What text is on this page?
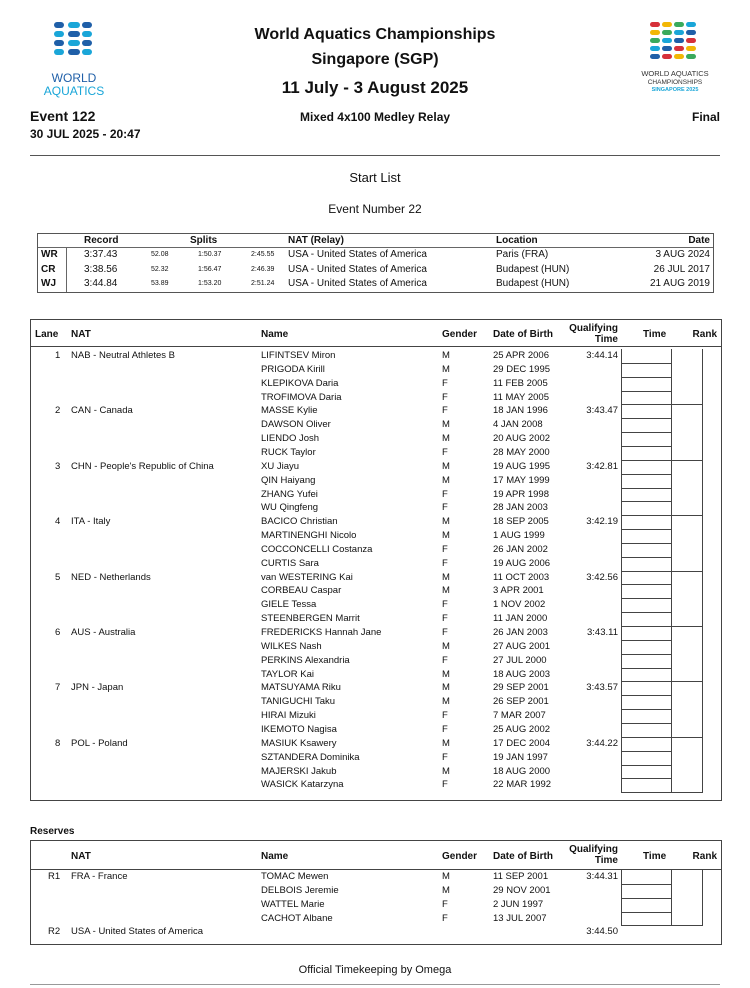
WORLD
AQUATICS
World Aquatics Championships
Singapore (SGP)
11 July - 3 August 2025
WORLD AQUATICS
CHAMPIONSHIPS
SINGAPORE 2025
Event 122
30 JUL 2025 - 20:47
Mixed 4x100 Medley Relay	Final
Start List
Event Number 22
Record	Splits	NAT (Relay)	Location	Date
WR	3:37.43	52.08	1:50.37	2:45.55 USA - United States of America	Paris (FRA)	3 AUG 2024
CR	3:38.56	52.32	1:56.47	2:46.39 USA - United States of America	Budapest (HUN)	26 JUL 2017
WJ	3:44.84	53.89	1:53.20	2:51.24 USA - United States of America	Budapest (HUN)	21 AUG 2019
Lane NAT	Name	Gender Date of Birth
Qualifying
Time	Time	Rank
1 NAB - Neutral Athletes B	3:44.14
LIFINTSEV Miron	M	25 APR 2006
PRIGODA Kirill	M	29 DEC 1995
KLEPIKOVA Daria	F	11 FEB 2005
TROFIMOVA Daria	F	11 MAY 2005
2 CAN - Canada	3:43.47
MASSE Kylie	F	18 JAN 1996
DAWSON Oliver	M	4 JAN 2008
LIENDO Josh	M	20 AUG 2002
RUCK Taylor	F	28 MAY 2000
3 CHN - People's Republic of China	3:42.81
XU Jiayu	M	19 AUG 1995
QIN Haiyang	M	17 MAY 1999
ZHANG Yufei	F	19 APR 1998
WU Qingfeng	F	28 JAN 2003
4 ITA - Italy	3:42.19
BACICO Christian	M	18 SEP 2005
MARTINENGHI Nicolo	M	1 AUG 1999
COCCONCELLI Costanza	F	26 JAN 2002
CURTIS Sara	F	19 AUG 2006
5 NED - Netherlands	3:42.56
van WESTERING Kai	M	11 OCT 2003
CORBEAU Caspar	M	3 APR 2001
GIELE Tessa	F	1 NOV 2002
STEENBERGEN Marrit	F	11 JAN 2000
6 AUS - Australia	3:43.11
FREDERICKS Hannah Jane	F	26 JAN 2003
WILKES Nash	M	27 AUG 2001
PERKINS Alexandria	F	27 JUL 2000
TAYLOR Kai	M	18 AUG 2003
7 JPN - Japan	3:43.57
MATSUYAMA Riku	M	29 SEP 2001
TANIGUCHI Taku	M	26 SEP 2001
HIRAI Mizuki	F	7 MAR 2007
IKEMOTO Nagisa	F	25 AUG 2002
8 POL - Poland	3:44.22
MASIUK Ksawery	M	17 DEC 2004
SZTANDERA Dominika	F	19 JAN 1997
MAJERSKI Jakub	M	18 AUG 2000
WASICK Katarzyna	F	22 MAR 1992
Reserves
NAT	Name	Gender Date of Birth
Qualifying
Time	Time	Rank
R1 FRA - France	3:44.31
TOMAC Mewen	M	11 SEP 2001
DELBOIS Jeremie	M	29 NOV 2001
WATTEL Marie	F	2 JUN 1997
CACHOT Albane	F	13 JUL 2007
R2 USA - United States of America	3:44.50
Official Timekeeping by Omega
